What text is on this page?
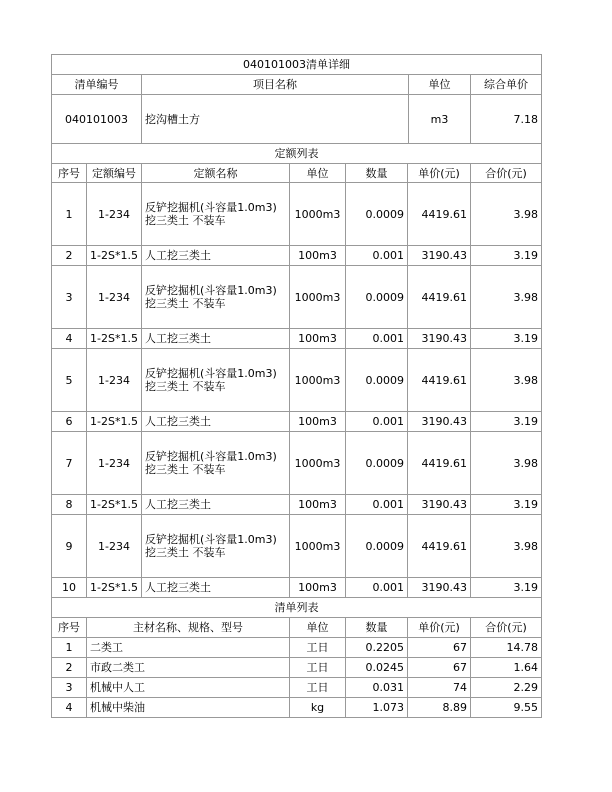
040101003清单详细			
清单编号	项目名称	单位	综合单价
040101003	挖沟槽土方	m3	7.18
定额列表						
序号	定额编号	定额名称	单位	数量	单价(元)	合价(元)
1	1-234	反铲挖掘机(斗容量1.0m3)挖三类土 不装车	1000m3	0.0009	4419.61	3.98
2	1-2S*1.5	人工挖三类土	100m3	0.001	3190.43	3.19
3	1-234	反铲挖掘机(斗容量1.0m3)挖三类土 不装车	1000m3	0.0009	4419.61	3.98
4	1-2S*1.5	人工挖三类土	100m3	0.001	3190.43	3.19
5	1-234	反铲挖掘机(斗容量1.0m3)挖三类土 不装车	1000m3	0.0009	4419.61	3.98
6	1-2S*1.5	人工挖三类土	100m3	0.001	3190.43	3.19
7	1-234	反铲挖掘机(斗容量1.0m3)挖三类土 不装车	1000m3	0.0009	4419.61	3.98
8	1-2S*1.5	人工挖三类土	100m3	0.001	3190.43	3.19
9	1-234	反铲挖掘机(斗容量1.0m3)挖三类土 不装车	1000m3	0.0009	4419.61	3.98
10	1-2S*1.5	人工挖三类土	100m3	0.001	3190.43	3.19
清单列表					
序号	主材名称、规格、型号	单位	数量	单价(元)	合价(元)
1	二类工	工日	0.2205	67	14.78
2	市政二类工	工日	0.0245	67	1.64
3	机械中人工	工日	0.031	74	2.29
4	机械中柴油	kg	1.073	8.89	9.55
